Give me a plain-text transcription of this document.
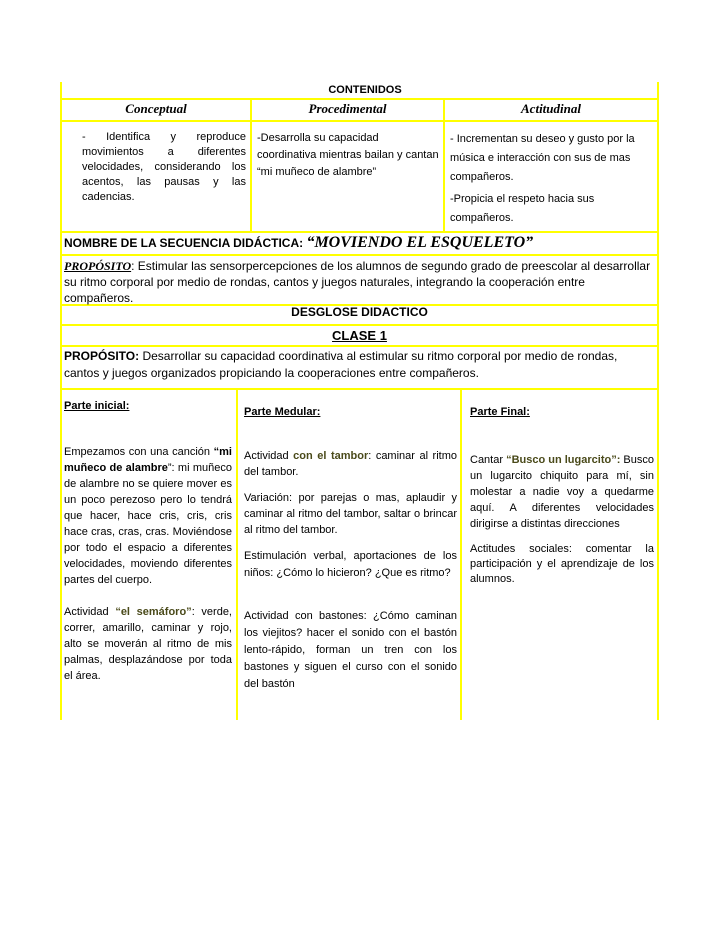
CONTENIDOS
Conceptual	Procedimental	Actitudinal
- Identifica y reproduce movimientos a diferentes velocidades, considerando los acentos, las pausas y las cadencias.
-Desarrolla su capacidad coordinativa mientras bailan y cantan “mi muñeco de alambre”
- Incrementan su deseo y gusto por la música e interacción con sus de mas compañeros.
-Propicia el respeto hacia sus compañeros.
NOMBRE DE LA SECUENCIA DIDÁCTICA: “MOVIENDO EL ESQUELETO”
PROPÓSITO: Estimular las sensorpercepciones de los alumnos de segundo grado de preescolar al desarrollar su ritmo corporal por medio de rondas, cantos y juegos naturales, integrando la cooperación entre compañeros.
DESGLOSE DIDACTICO
CLASE 1
PROPÓSITO: Desarrollar su capacidad coordinativa al estimular su ritmo corporal por medio de rondas, cantos y juegos organizados propiciando la cooperaciones entre compañeros.
Parte inicial:
Empezamos con una canción “mi muñeco de alambre”: mi muñeco de alambre no se quiere mover es un poco perezoso pero lo tendrá que hacer, hace cris, cris, cris hace cras, cras, cras. Moviéndose por todo el espacio a diferentes velocidades, moviendo diferentes partes del cuerpo.
Actividad “el semáforo”: verde, correr, amarillo, caminar y rojo, alto se moverán al ritmo de mis palmas, desplazándose por toda el área.
Parte Medular:
Actividad con el tambor: caminar al ritmo del tambor.
Variación: por parejas o mas, aplaudir y caminar al ritmo del tambor, saltar o brincar al ritmo del tambor.
Estimulación verbal, aportaciones de los niños: ¿Cómo lo hicieron? ¿Que es ritmo?
Actividad con bastones: ¿Cómo caminan los viejitos? hacer el sonido con el bastón lento-rápido, forman un tren con los bastones y siguen el curso con el sonido del bastón
Parte Final:
Cantar “Busco un lugarcito”: Busco un lugarcito chiquito para mí, sin molestar a nadie voy a quedarme aquí. A diferentes velocidades dirigirse a distintas direcciones
Actitudes sociales: comentar la participación y el aprendizaje de los alumnos.
